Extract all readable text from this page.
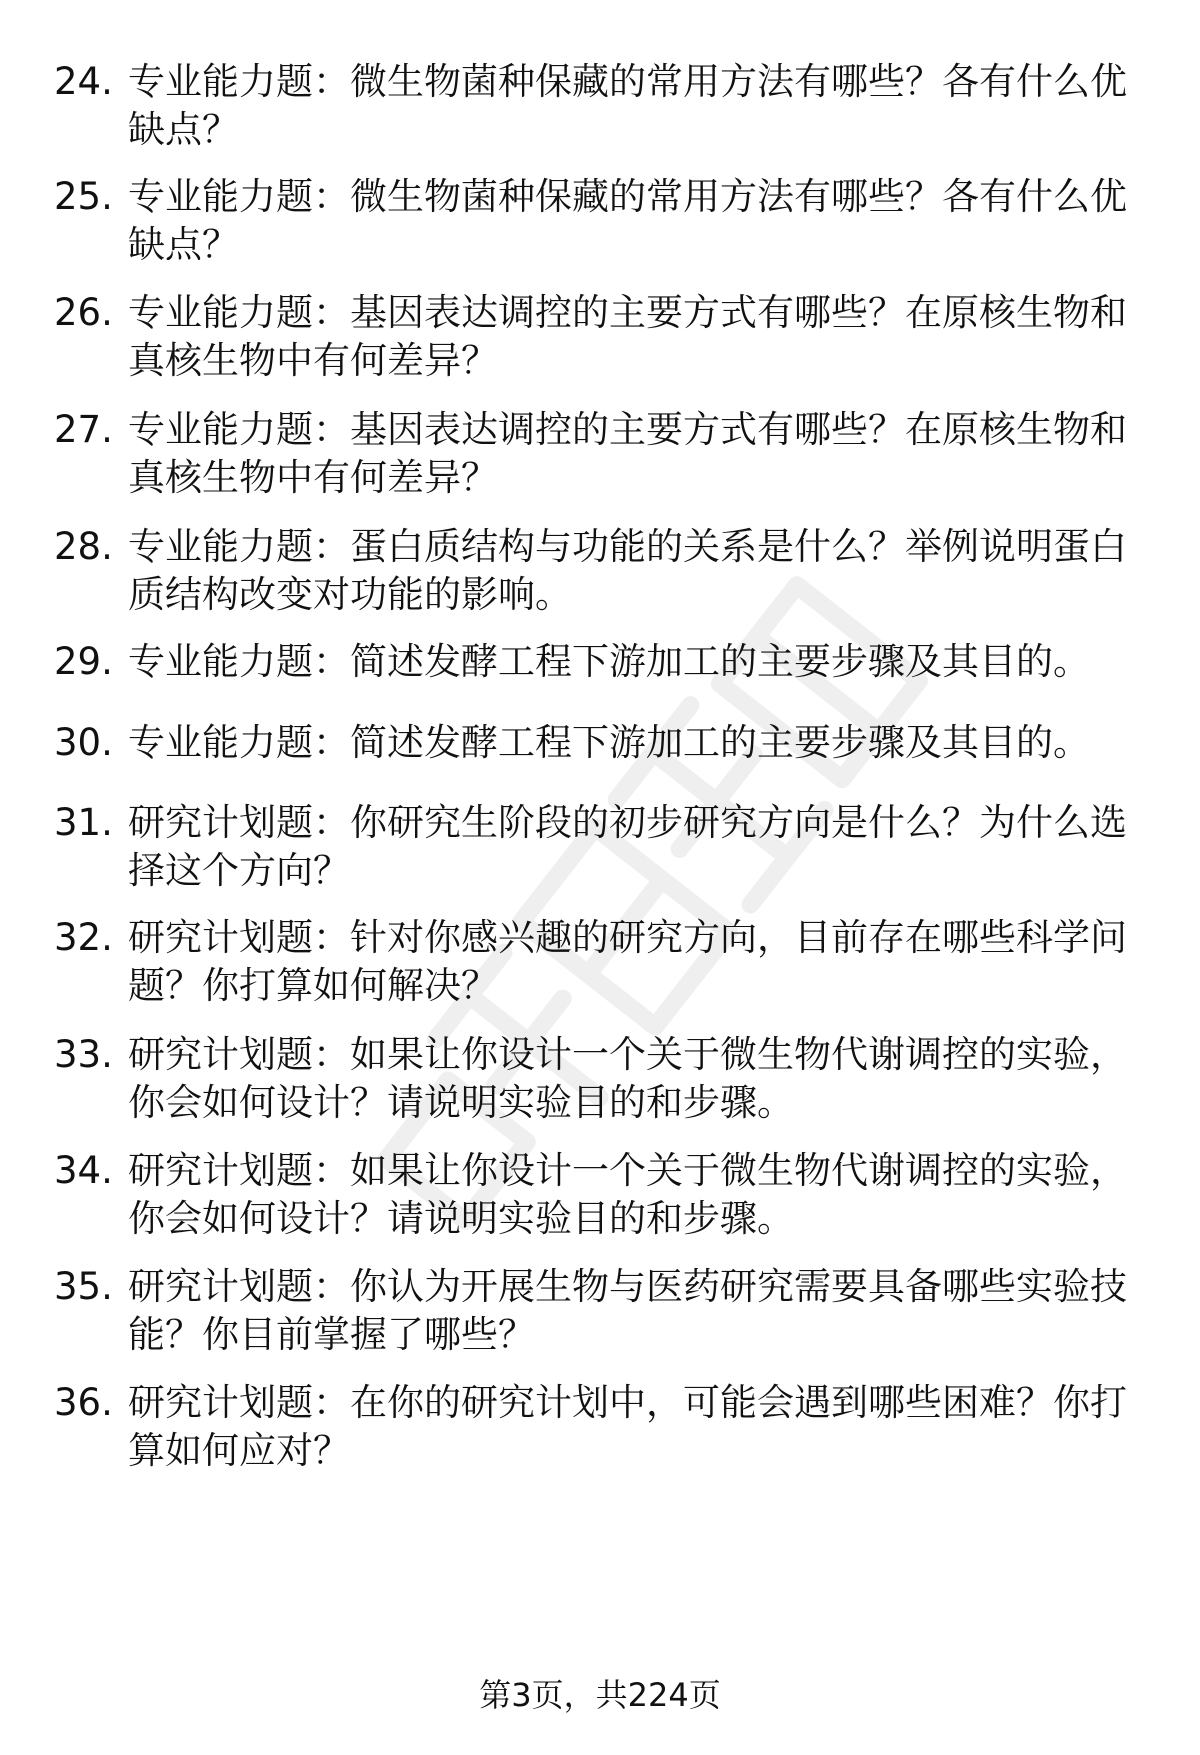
24. 专业能力题：微生物菌种保藏的常用方法有哪些？各有什么优缺点？
25. 专业能力题：微生物菌种保藏的常用方法有哪些？各有什么优缺点？
26. 专业能力题：基因表达调控的主要方式有哪些？在原核生物和真核生物中有何差异？
27. 专业能力题：基因表达调控的主要方式有哪些？在原核生物和真核生物中有何差异？
28. 专业能力题：蛋白质结构与功能的关系是什么？举例说明蛋白质结构改变对功能的影响。
29. 专业能力题：简述发酵工程下游加工的主要步骤及其目的。
30. 专业能力题：简述发酵工程下游加工的主要步骤及其目的。
31. 研究计划题：你研究生阶段的初步研究方向是什么？为什么选择这个方向？
32. 研究计划题：针对你感兴趣的研究方向，目前存在哪些科学问题？你打算如何解决？
33. 研究计划题：如果让你设计一个关于微生物代谢调控的实验，你会如何设计？请说明实验目的和步骤。
34. 研究计划题：如果让你设计一个关于微生物代谢调控的实验，你会如何设计？请说明实验目的和步骤。
35. 研究计划题：你认为开展生物与医药研究需要具备哪些实验技能？你目前掌握了哪些？
36. 研究计划题：在你的研究计划中，可能会遇到哪些困难？你打算如何应对？
第3页，共224页
